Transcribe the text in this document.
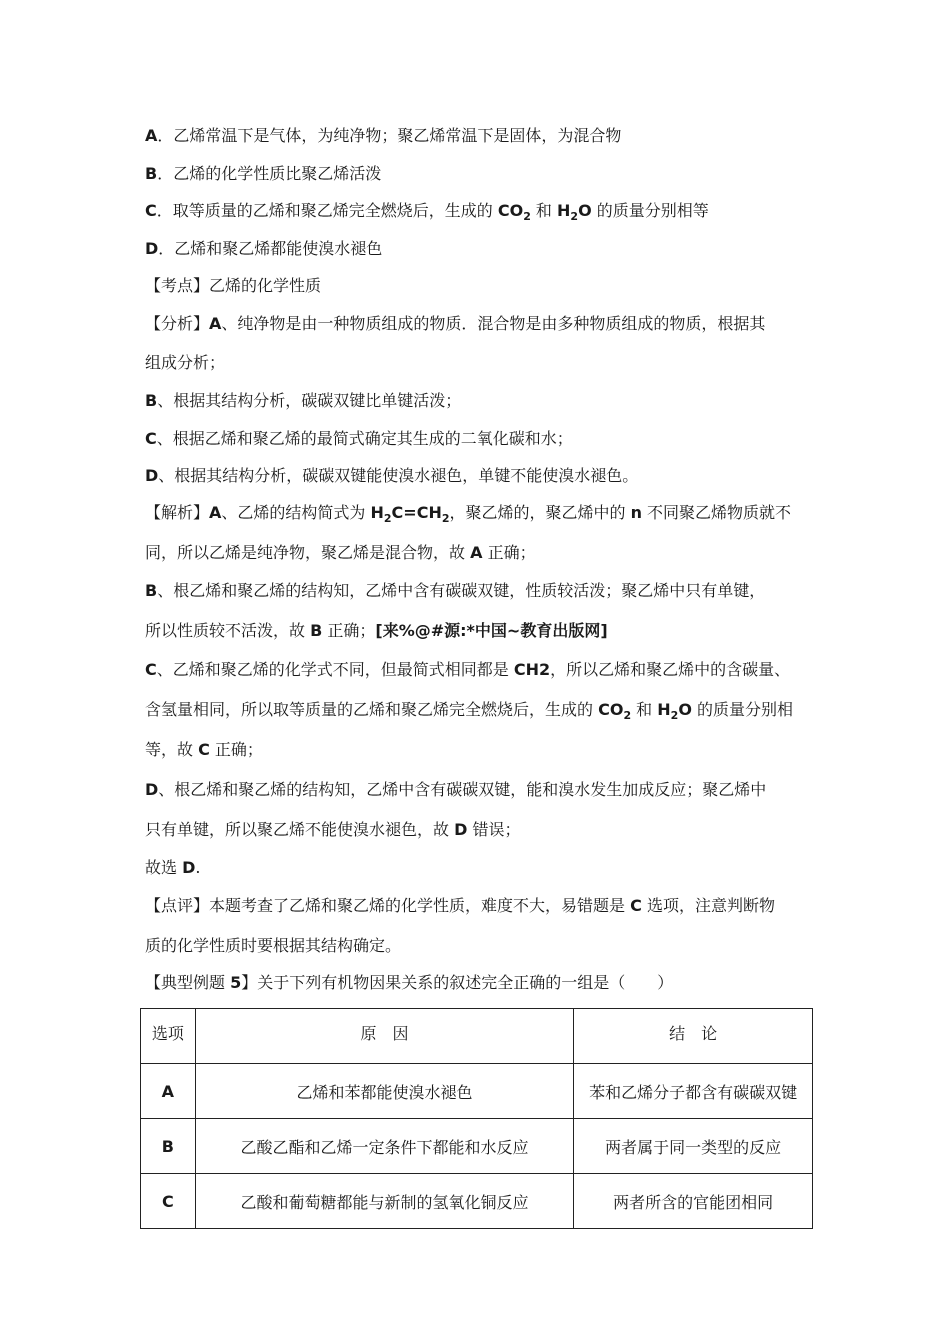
A．乙烯常温下是气体，为纯净物；聚乙烯常温下是固体，为混合物
B．乙烯的化学性质比聚乙烯活泼
C．取等质量的乙烯和聚乙烯完全燃烧后，生成的 $CO_2$ 和 $H_2O$ 的质量分别相等
D．乙烯和聚乙烯都能使溴水褪色
【考点】乙烯的化学性质
【分析】A、纯净物是由一种物质组成的物质．混合物是由多种物质组成的物质，根据其
组成分析；
B、根据其结构分析，碳碳双键比单键活泼；
C、根据乙烯和聚乙烯的最简式确定其生成的二氧化碳和水；
D、根据其结构分析，碳碳双键能使溴水褪色，单键不能使溴水褪色。
【解析】A、乙烯的结构简式为 $H_2C=CH_2$，聚乙烯的，聚乙烯中的 n 不同聚乙烯物质就不
同，所以乙烯是纯净物，聚乙烯是混合物，故 A 正确；
B、根乙烯和聚乙烯的结构知，乙烯中含有碳碳双键，性质较活泼；聚乙烯中只有单键，
所以性质较不活泼，故 B 正确；[来%@#源:*中国~教育出版网]
C、乙烯和聚乙烯的化学式不同，但最简式相同都是 CH2，所以乙烯和聚乙烯中的含碳量、
含氢量相同，所以取等质量的乙烯和聚乙烯完全燃烧后，生成的 $CO_2$ 和 $H_2O$ 的质量分别相
等，故 C 正确；
D、根乙烯和聚乙烯的结构知，乙烯中含有碳碳双键，能和溴水发生加成反应；聚乙烯中
只有单键，所以聚乙烯不能使溴水褪色，故 D 错误；
故选 D.
【点评】本题考查了乙烯和聚乙烯的化学性质，难度不大，易错题是 C 选项，注意判断物
质的化学性质时要根据其结构确定。
【典型例题 5】关于下列有机物因果关系的叙述完全正确的一组是（　　）
选项	原　因	结　论
A	乙烯和苯都能使溴水褪色	苯和乙烯分子都含有碳碳双键
B	乙酸乙酯和乙烯一定条件下都能和水反应	两者属于同一类型的反应
C	乙酸和葡萄糖都能与新制的氢氧化铜反应	两者所含的官能团相同
